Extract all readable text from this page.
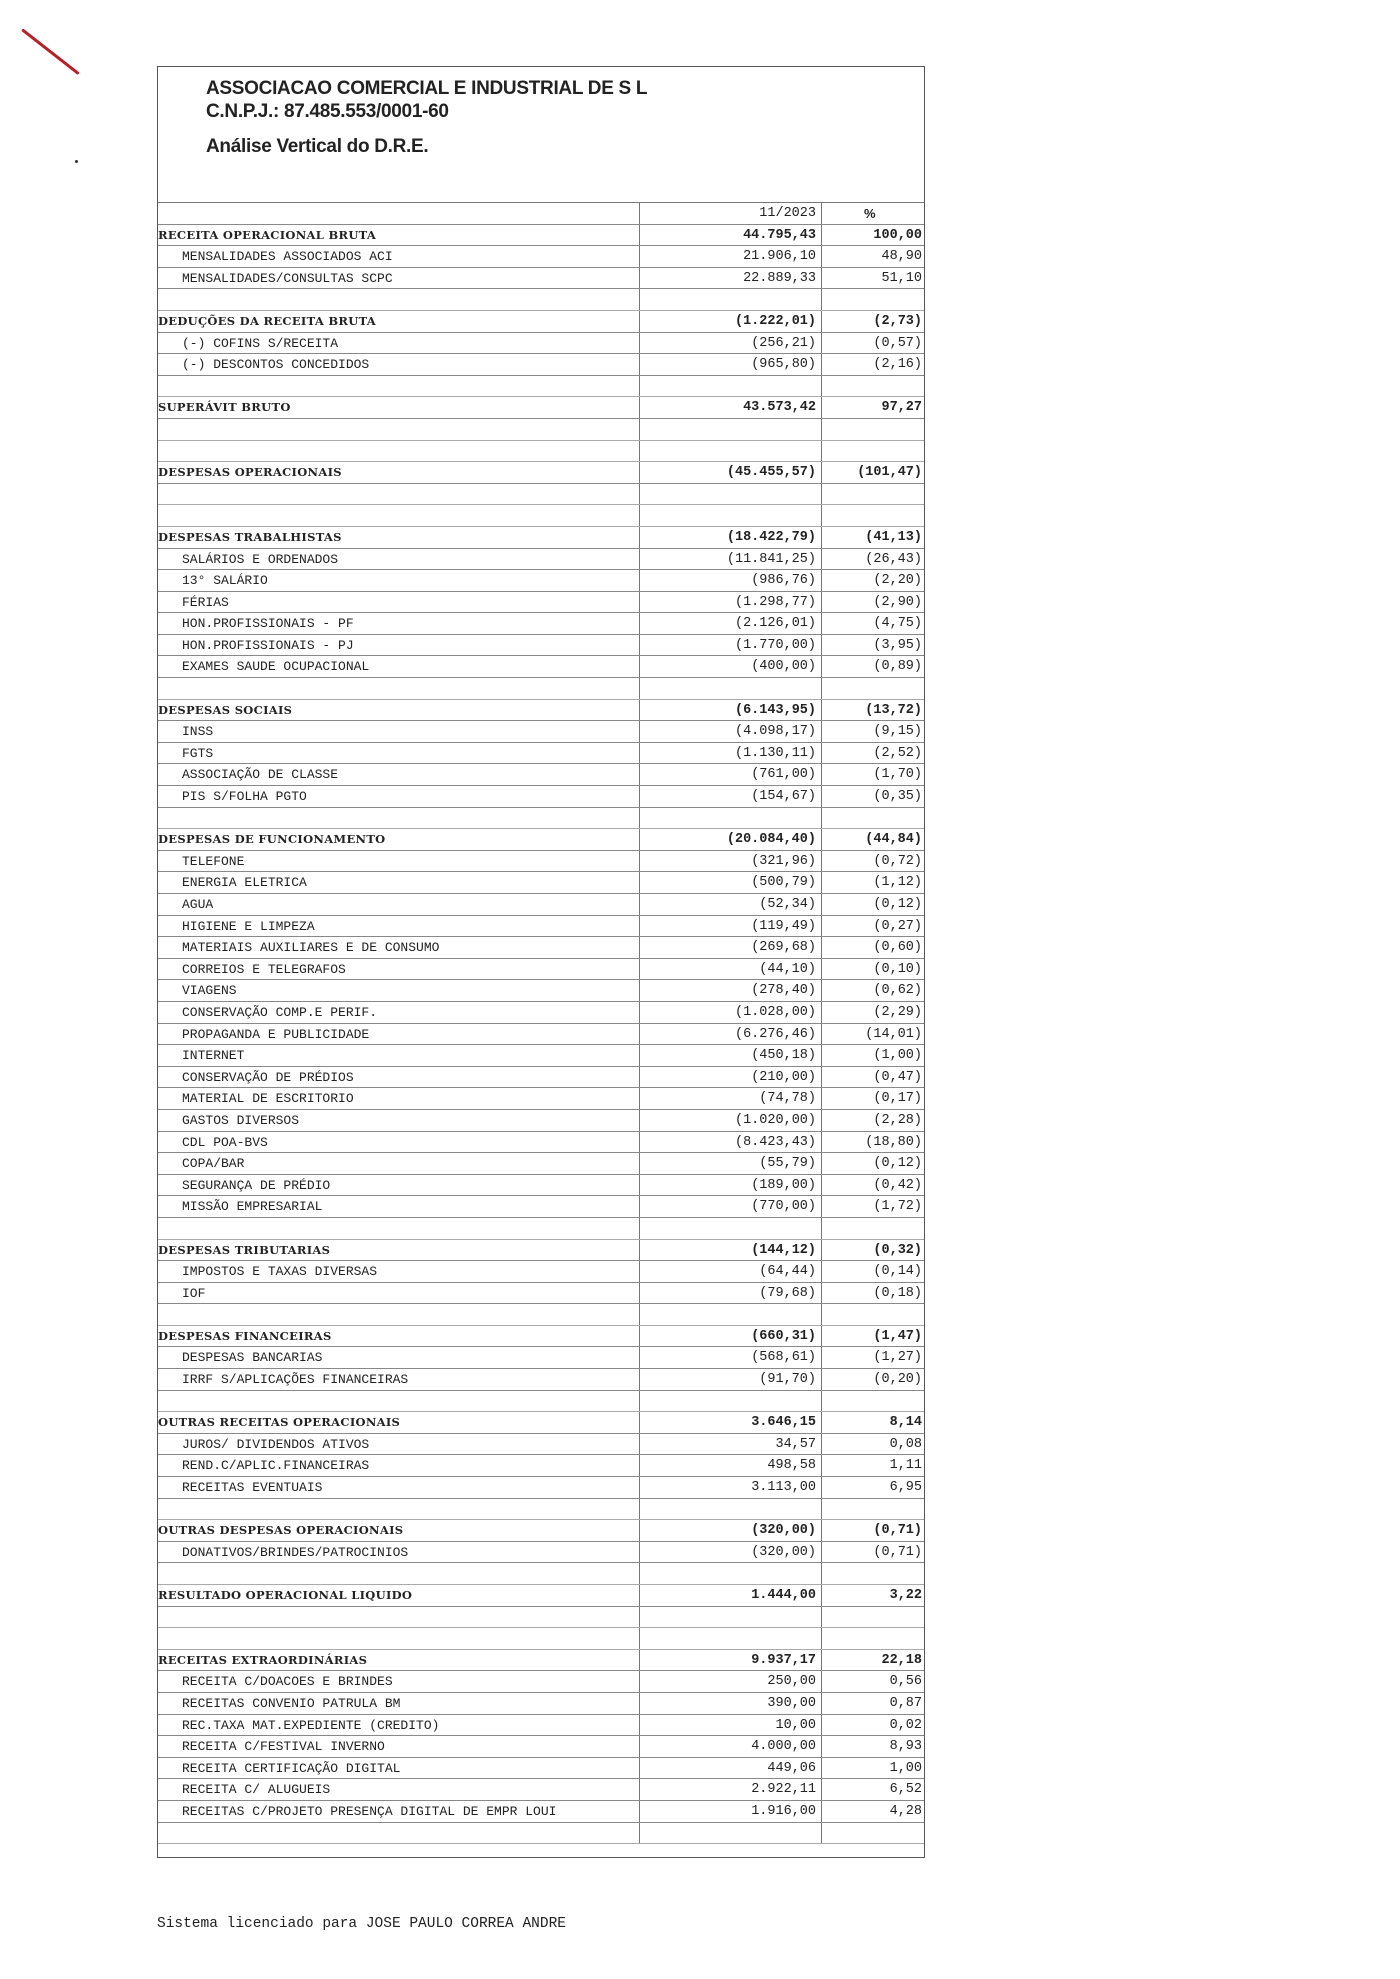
ASSOCIACAO COMERCIAL E INDUSTRIAL DE S L
C.N.P.J.: 87.485.553/0001-60
Análise Vertical do D.R.E.
11/2023	%
RECEITA OPERACIONAL BRUTA	44.795,43	100,00
MENSALIDADES ASSOCIADOS ACI	21.906,10	48,90
MENSALIDADES/CONSULTAS SCPC	22.889,33	51,10
DEDUÇÕES DA RECEITA BRUTA	(1.222,01)	(2,73)
(-) COFINS S/RECEITA	(256,21)	(0,57)
(-) DESCONTOS CONCEDIDOS	(965,80)	(2,16)
SUPERÁVIT BRUTO	43.573,42	97,27
DESPESAS OPERACIONAIS	(45.455,57)	(101,47)
DESPESAS TRABALHISTAS	(18.422,79)	(41,13)
SALÁRIOS E ORDENADOS	(11.841,25)	(26,43)
13° SALÁRIO	(986,76)	(2,20)
FÉRIAS	(1.298,77)	(2,90)
HON.PROFISSIONAIS - PF	(2.126,01)	(4,75)
HON.PROFISSIONAIS - PJ	(1.770,00)	(3,95)
EXAMES SAUDE OCUPACIONAL	(400,00)	(0,89)
DESPESAS SOCIAIS	(6.143,95)	(13,72)
INSS	(4.098,17)	(9,15)
FGTS	(1.130,11)	(2,52)
ASSOCIAÇÃO DE CLASSE	(761,00)	(1,70)
PIS S/FOLHA PGTO	(154,67)	(0,35)
DESPESAS DE FUNCIONAMENTO	(20.084,40)	(44,84)
TELEFONE	(321,96)	(0,72)
ENERGIA ELETRICA	(500,79)	(1,12)
AGUA	(52,34)	(0,12)
HIGIENE E LIMPEZA	(119,49)	(0,27)
MATERIAIS AUXILIARES E DE CONSUMO	(269,68)	(0,60)
CORREIOS E TELEGRAFOS	(44,10)	(0,10)
VIAGENS	(278,40)	(0,62)
CONSERVAÇÃO COMP.E PERIF.	(1.028,00)	(2,29)
PROPAGANDA E PUBLICIDADE	(6.276,46)	(14,01)
INTERNET	(450,18)	(1,00)
CONSERVAÇÃO DE PRÉDIOS	(210,00)	(0,47)
MATERIAL DE ESCRITORIO	(74,78)	(0,17)
GASTOS DIVERSOS	(1.020,00)	(2,28)
CDL POA-BVS	(8.423,43)	(18,80)
COPA/BAR	(55,79)	(0,12)
SEGURANÇA DE PRÉDIO	(189,00)	(0,42)
MISSÃO EMPRESARIAL	(770,00)	(1,72)
DESPESAS TRIBUTARIAS	(144,12)	(0,32)
IMPOSTOS E TAXAS DIVERSAS	(64,44)	(0,14)
IOF	(79,68)	(0,18)
DESPESAS FINANCEIRAS	(660,31)	(1,47)
DESPESAS BANCARIAS	(568,61)	(1,27)
IRRF S/APLICAÇÕES FINANCEIRAS	(91,70)	(0,20)
OUTRAS RECEITAS OPERACIONAIS	3.646,15	8,14
JUROS/ DIVIDENDOS ATIVOS	34,57	0,08
REND.C/APLIC.FINANCEIRAS	498,58	1,11
RECEITAS EVENTUAIS	3.113,00	6,95
OUTRAS DESPESAS OPERACIONAIS	(320,00)	(0,71)
DONATIVOS/BRINDES/PATROCINIOS	(320,00)	(0,71)
RESULTADO OPERACIONAL LIQUIDO	1.444,00	3,22
RECEITAS EXTRAORDINÁRIAS	9.937,17	22,18
RECEITA C/DOACOES E BRINDES	250,00	0,56
RECEITAS CONVENIO PATRULA BM	390,00	0,87
REC.TAXA MAT.EXPEDIENTE (CREDITO)	10,00	0,02
RECEITA C/FESTIVAL INVERNO	4.000,00	8,93
RECEITA CERTIFICAÇÃO DIGITAL	449,06	1,00
RECEITA C/ ALUGUEIS	2.922,11	6,52
RECEITAS C/PROJETO PRESENÇA DIGITAL DE EMPR LOUI	1.916,00	4,28
Sistema licenciado para JOSE PAULO CORREA ANDRE
